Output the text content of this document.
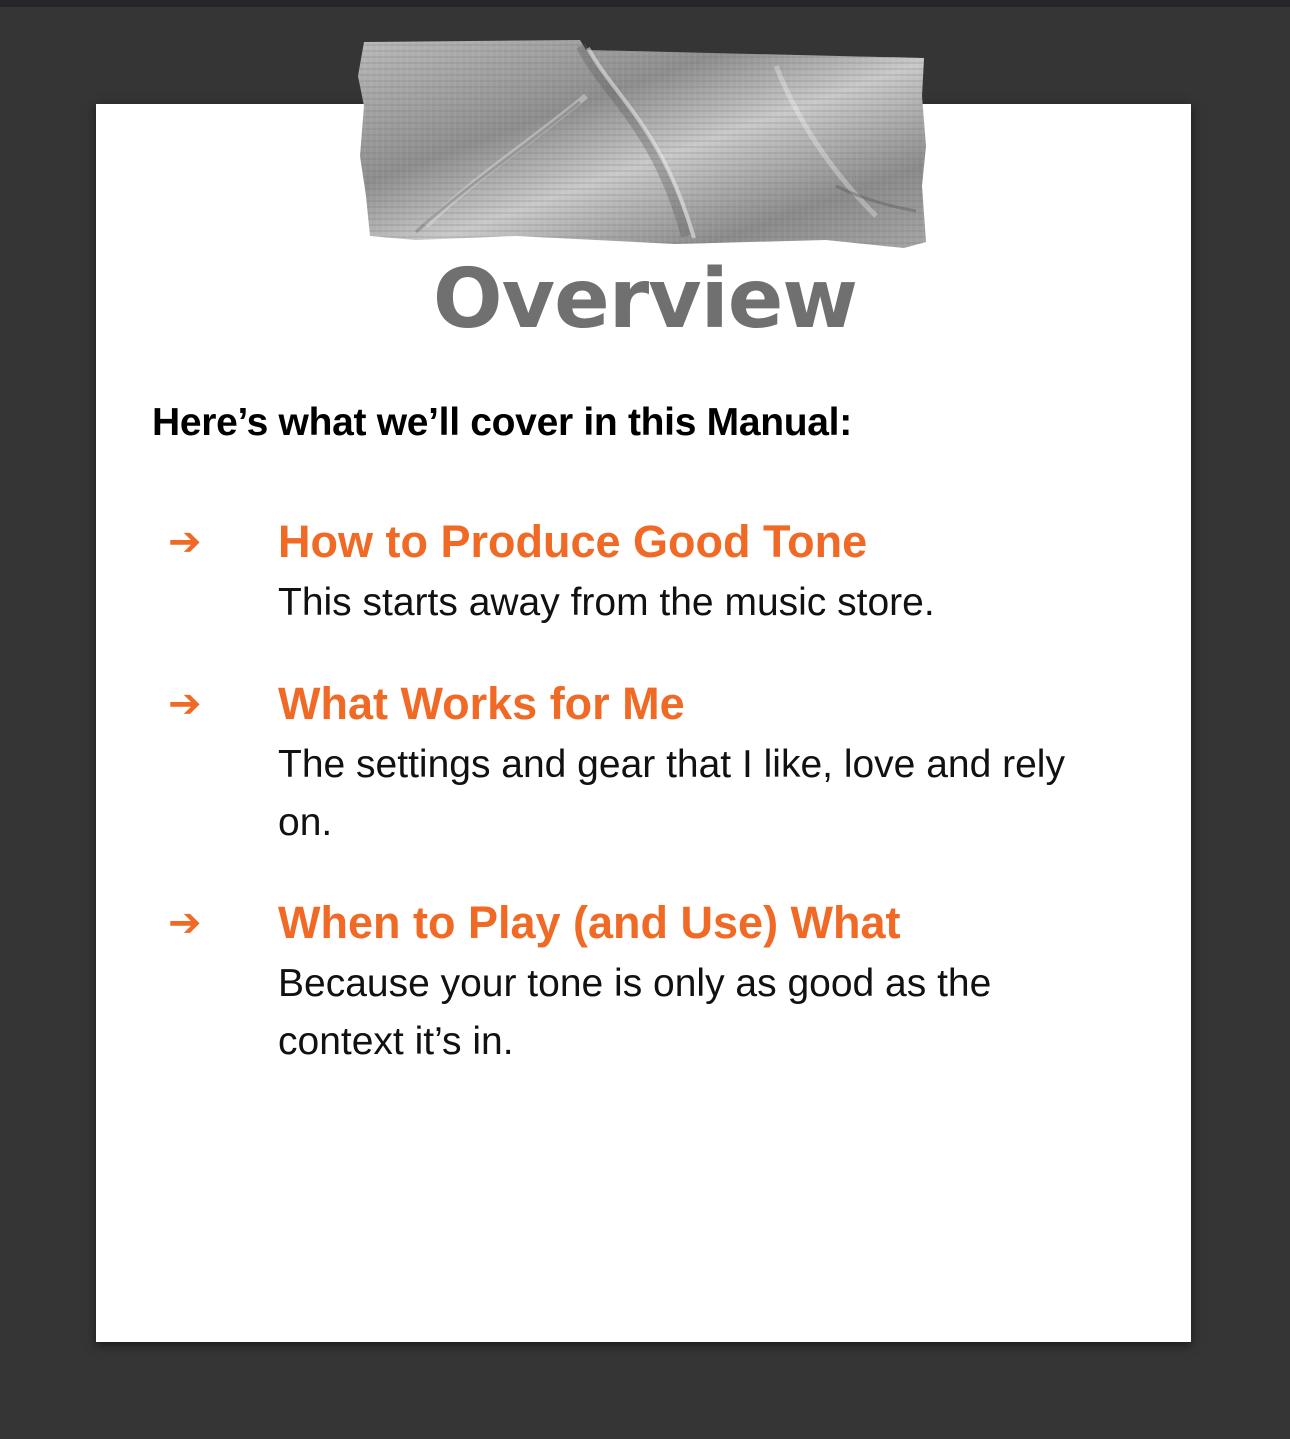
Overview

Here’s what we’ll cover in this Manual:

➔ How to Produce Good Tone

This starts away from the music store.

➔ What Works for Me

The settings and gear that I like, love and rely on.

➔ When to Play (and Use) What

Because your tone is only as good as the context it’s in.
